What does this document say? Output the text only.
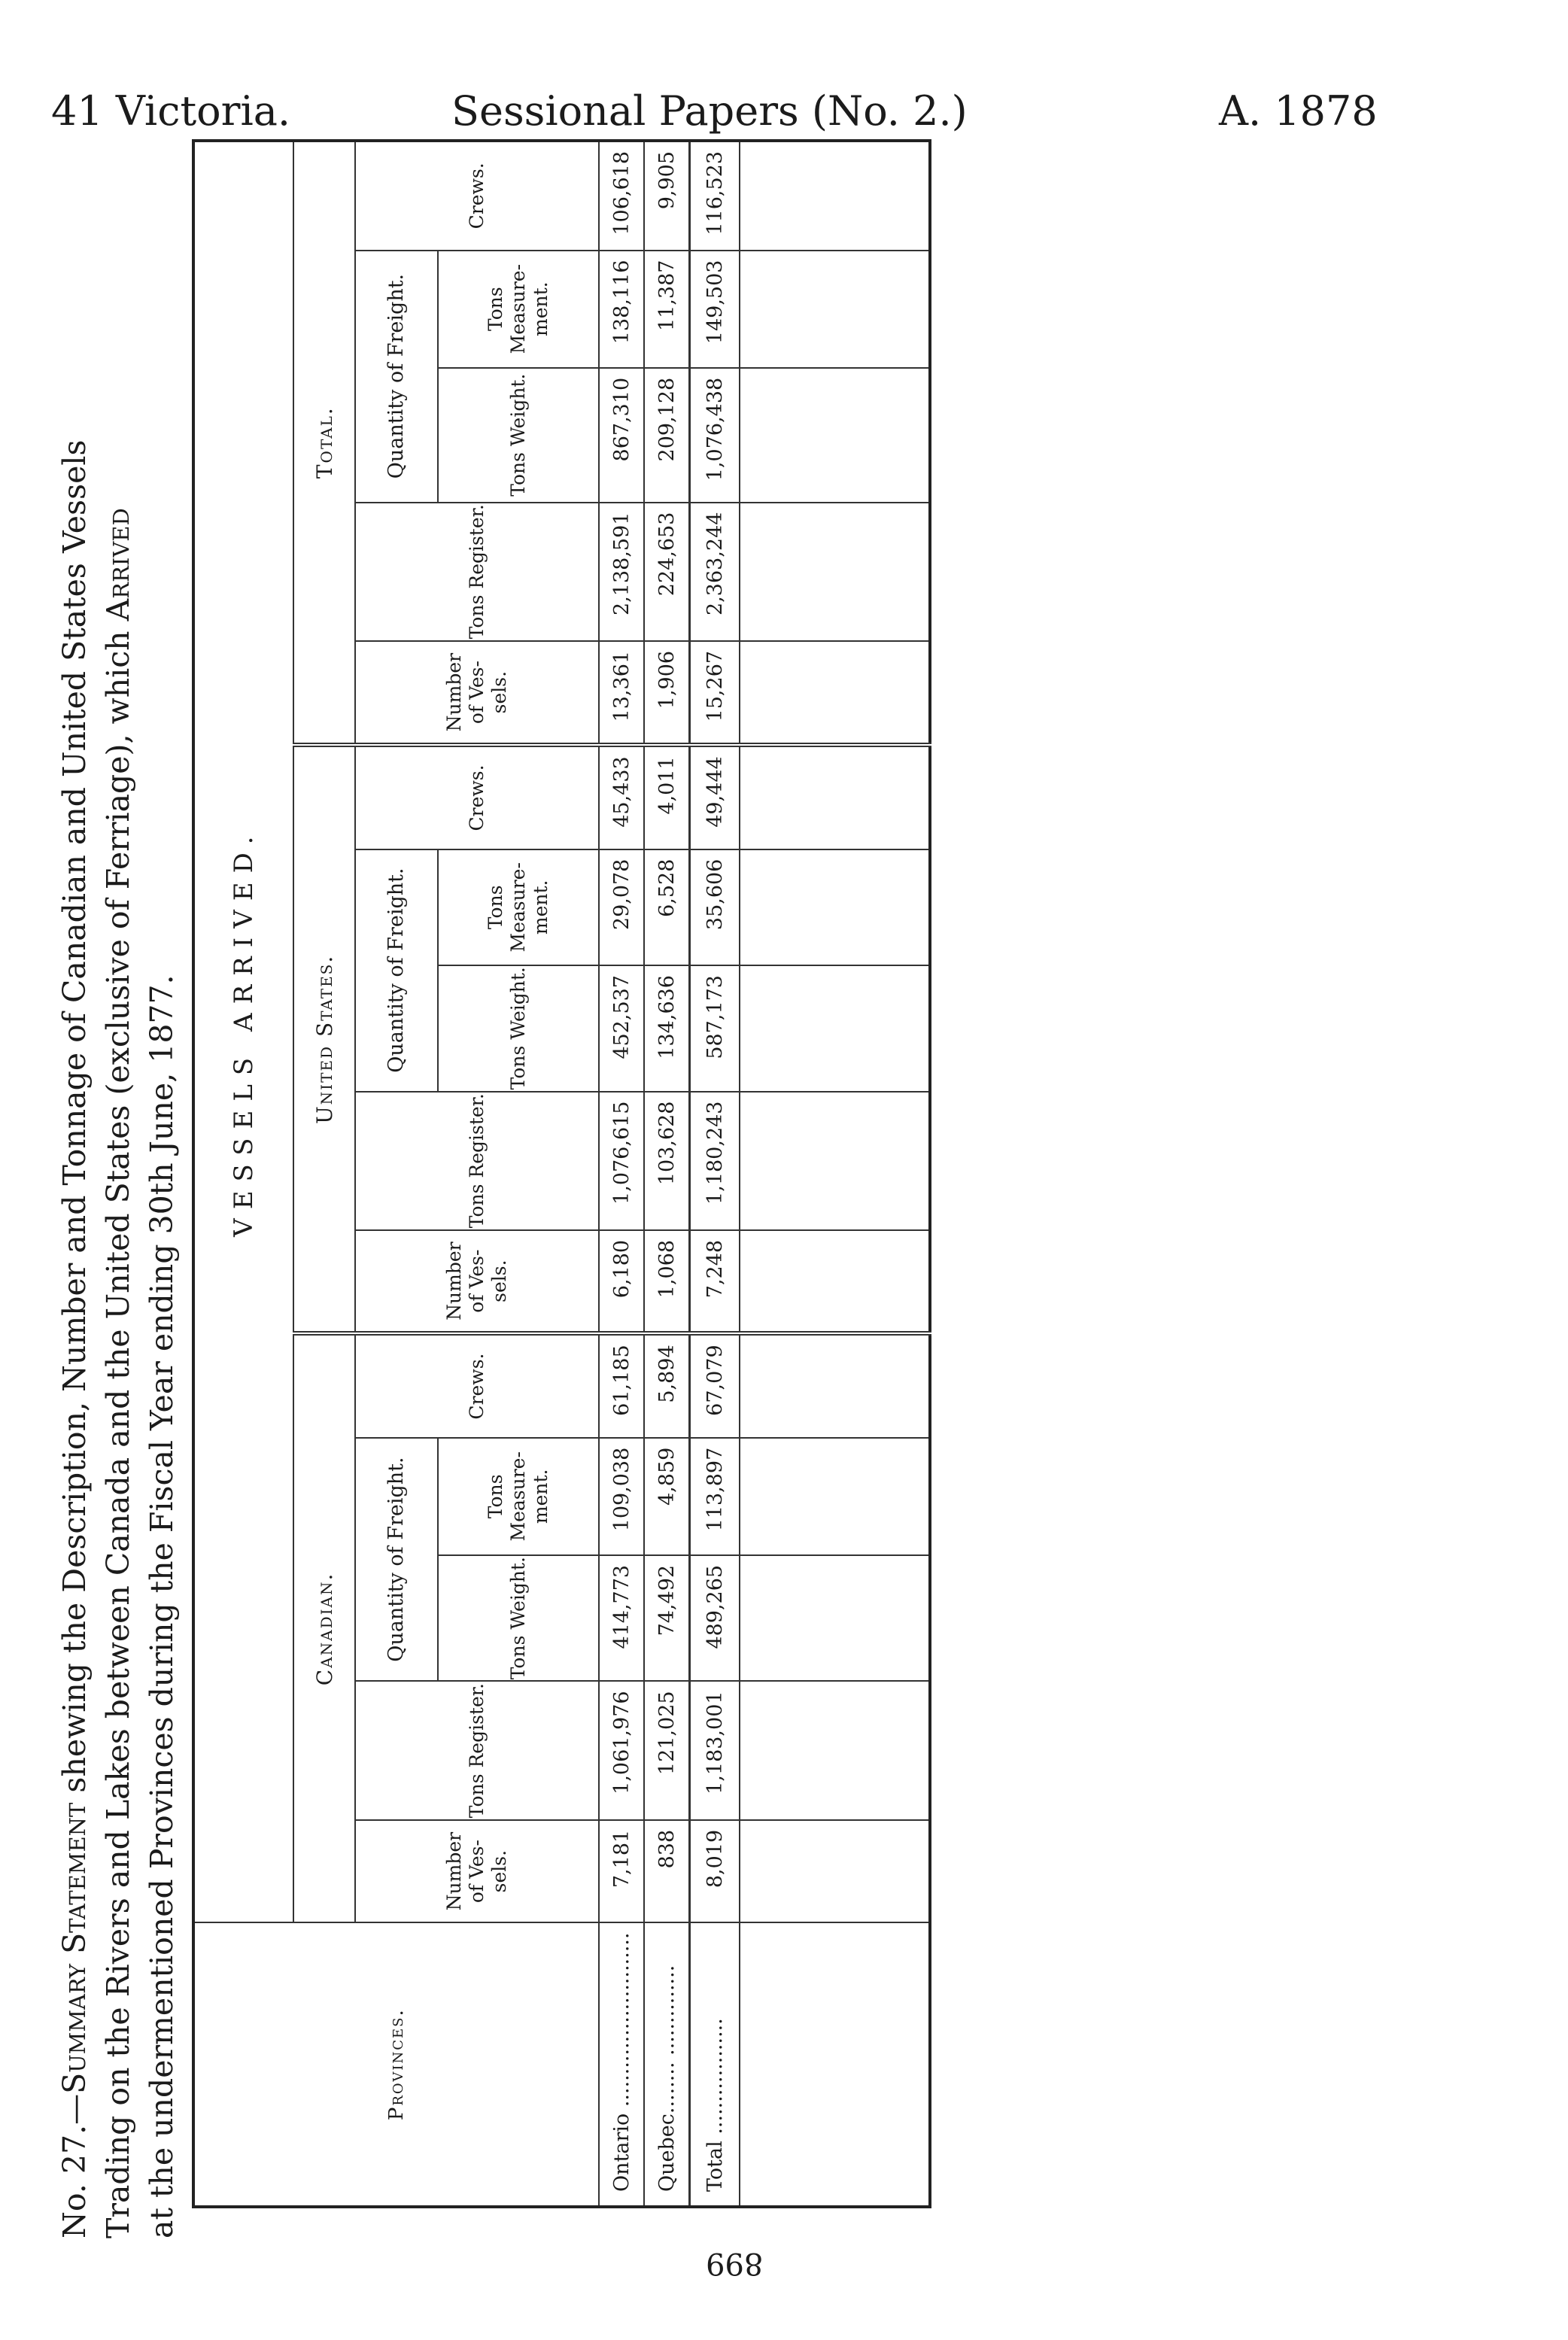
41 Victoria.	Sessional Papers (No. 2.)	A. 1878

No. 27.—Summary Statement shewing the Description, Number and Tonnage of Canadian and United States Vessels Trading on the Rivers and Lakes between Canada and the United States (exclusive of Ferriage), which Arrived
at the undermentioned Provinces during the Fiscal Year ending 30th June, 1877.	Provinces.	VESSELS ARRIVED.														
	Canadian.					United States.					Total.				
	Number of Ves- sels.	Tons Register.	Quantity of Freight.		Crews.	Number of Ves- sels.	Tons Register.	Quantity of Freight.		Crews.	Number of Ves- sels.	Tons Register.	Quantity of Freight.		Crews.
			Tons Weight.	Tons Measure- ment.				Tons Weight.	Tons Measure- ment.				Tons Weight.	Tons Measure- ment.	
Ontario ...........................	7,181	1,061,976	414,773	109,038	61,185	6,180	1,076,615	452,537	29,078	45,433	13,361	2,138,591	867,310	138,116	106,618
Quebec........ ..............	838	121,025	74,492	4,859	5,894	1,068	103,628	134,636	6,528	4,011	1,906	224,653	209,128	11,387	9,905
Total ..................	8,019	1,183,001	489,265	113,897	67,079	7,248	1,180,243	587,173	35,606	49,444	15,267	2,363,244	1,076,438	149,503	116,523

899
